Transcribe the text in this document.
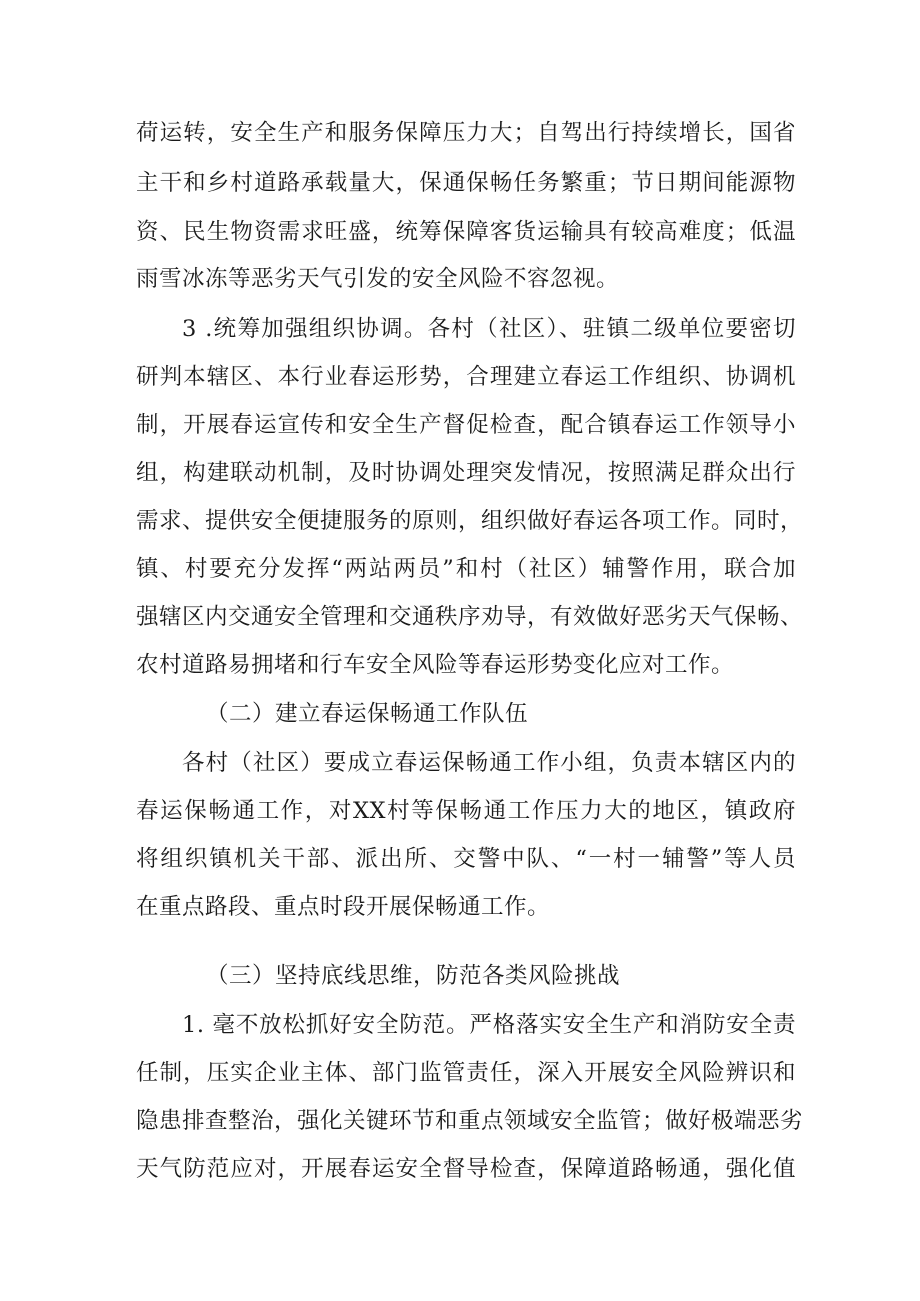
荷运转，安全生产和服务保障压力大；自驾出行持续增长，国省
主干和乡村道路承载量大，保通保畅任务繁重；节日期间能源物
资、民生物资需求旺盛，统筹保障客货运输具有较高难度；低温
雨雪冰冻等恶劣天气引发的安全风险不容忽视。
3 .统筹加强组织协调。各村（社区）、驻镇二级单位要密切
研判本辖区、本行业春运形势，合理建立春运工作组织、协调机
制，开展春运宣传和安全生产督促检查，配合镇春运工作领导小
组，构建联动机制，及时协调处理突发情况，按照满足群众出行
需求、提供安全便捷服务的原则，组织做好春运各项工作。同时，
镇、村要充分发挥“两站两员”和村（社区）辅警作用，联合加
强辖区内交通安全管理和交通秩序劝导，有效做好恶劣天气保畅、
农村道路易拥堵和行车安全风险等春运形势变化应对工作。
（二）建立春运保畅通工作队伍
各村（社区）要成立春运保畅通工作小组，负责本辖区内的
春运保畅通工作，对XX村等保畅通工作压力大的地区，镇政府
将组织镇机关干部、派出所、交警中队、“一村一辅警”等人员
在重点路段、重点时段开展保畅通工作。
（三）坚持底线思维，防范各类风险挑战
1. 毫不放松抓好安全防范。严格落实安全生产和消防安全责
任制，压实企业主体、部门监管责任，深入开展安全风险辨识和
隐患排查整治，强化关键环节和重点领域安全监管；做好极端恶劣
天气防范应对，开展春运安全督导检查，保障道路畅通，强化值
